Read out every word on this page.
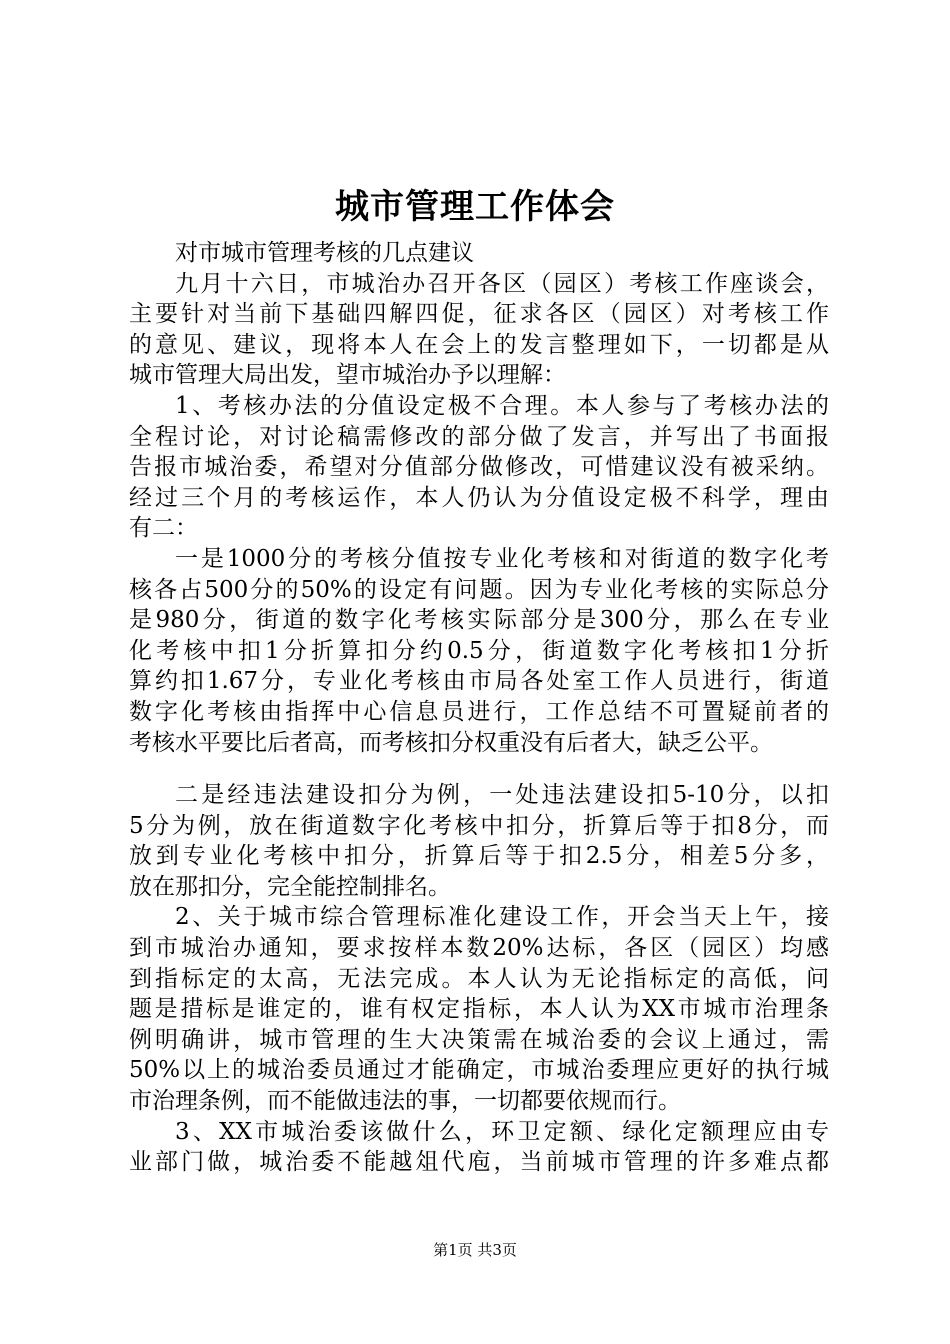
城市管理工作体会
对市城市管理考核的几点建议
九月十六日，市城治办召开各区（园区）考核工作座谈会，
主要针对当前下基础四解四促，征求各区（园区）对考核工作
的意见、建议，现将本人在会上的发言整理如下，一切都是从
城市管理大局出发，望市城治办予以理解：
1、考核办法的分值设定极不合理。本人参与了考核办法的
全程讨论，对讨论稿需修改的部分做了发言，并写出了书面报
告报市城治委，希望对分值部分做修改，可惜建议没有被采纳。
经过三个月的考核运作，本人仍认为分值设定极不科学，理由
有二：
一是1000分的考核分值按专业化考核和对街道的数字化考
核各占500分的50%的设定有问题。因为专业化考核的实际总分
是980分，街道的数字化考核实际部分是300分，那么在专业
化考核中扣1分折算扣分约0.5分，街道数字化考核扣1分折
算约扣1.67分，专业化考核由市局各处室工作人员进行，街道
数字化考核由指挥中心信息员进行，工作总结不可置疑前者的
考核水平要比后者高，而考核扣分权重没有后者大，缺乏公平。
二是经违法建设扣分为例，一处违法建设扣5-10分，以扣
5分为例，放在街道数字化考核中扣分，折算后等于扣8分，而
放到专业化考核中扣分，折算后等于扣2.5分，相差5分多，
放在那扣分，完全能控制排名。
2、关于城市综合管理标准化建设工作，开会当天上午，接
到市城治办通知，要求按样本数20%达标，各区（园区）均感
到指标定的太高，无法完成。本人认为无论指标定的高低，问
题是措标是谁定的，谁有权定指标，本人认为XX市城市治理条
例明确讲，城市管理的生大决策需在城治委的会议上通过，需
50%以上的城治委员通过才能确定，市城治委理应更好的执行城
市治理条例，而不能做违法的事，一切都要依规而行。
3、XX市城治委该做什么，环卫定额、绿化定额理应由专
业部门做，城治委不能越俎代庖，当前城市管理的许多难点都
第1页 共3页
